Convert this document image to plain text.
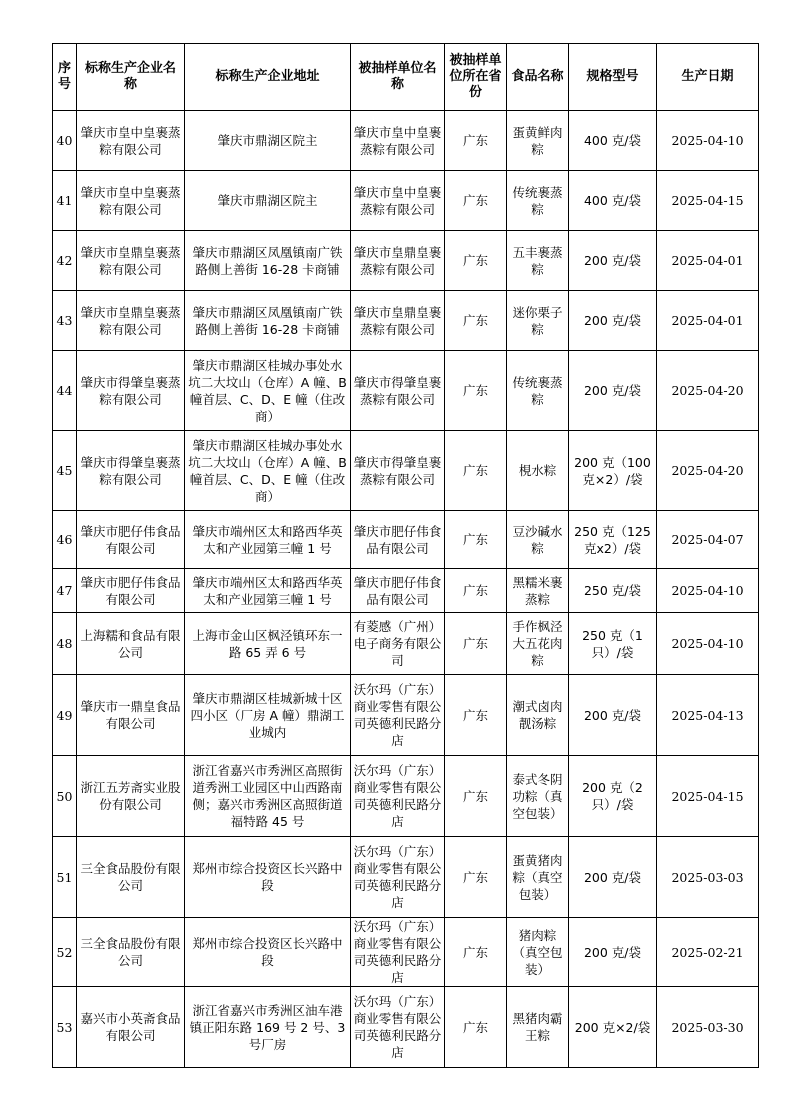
序号	标称生产企业名称	标称生产企业地址	被抽样单位名称	被抽样单位所在省份	食品名称	规格型号	生产日期
40	肇庆市皇中皇裹蒸粽有限公司	肇庆市鼎湖区院主	肇庆市皇中皇裹蒸粽有限公司	广东	蛋黄鲜肉粽	400 克/袋	2025-04-10
41	肇庆市皇中皇裹蒸粽有限公司	肇庆市鼎湖区院主	肇庆市皇中皇裹蒸粽有限公司	广东	传统裹蒸粽	400 克/袋	2025-04-15
42	肇庆市皇鼎皇裹蒸粽有限公司	肇庆市鼎湖区凤凰镇南广铁路侧上善街 16-28 卡商铺	肇庆市皇鼎皇裹蒸粽有限公司	广东	五丰裹蒸粽	200 克/袋	2025-04-01
43	肇庆市皇鼎皇裹蒸粽有限公司	肇庆市鼎湖区凤凰镇南广铁路侧上善街 16-28 卡商铺	肇庆市皇鼎皇裹蒸粽有限公司	广东	迷你栗子粽	200 克/袋	2025-04-01
44	肇庆市得肇皇裹蒸粽有限公司	肇庆市鼎湖区桂城办事处水坑二大坟山（仓库）A 幢、B 幢首层、C、D、E 幢（住改商）	肇庆市得肇皇裹蒸粽有限公司	广东	传统裹蒸粽	200 克/袋	2025-04-20
45	肇庆市得肇皇裹蒸粽有限公司	肇庆市鼎湖区桂城办事处水坑二大坟山（仓库）A 幢、B 幢首层、C、D、E 幢（住改商）	肇庆市得肇皇裹蒸粽有限公司	广东	梘水粽	200 克（100 克×2）/袋	2025-04-20
46	肇庆市肥仔伟食品有限公司	肇庆市端州区太和路西华英太和产业园第三幢 1 号	肇庆市肥仔伟食品有限公司	广东	豆沙碱水粽	250 克（125 克x2）/袋	2025-04-07
47	肇庆市肥仔伟食品有限公司	肇庆市端州区太和路西华英太和产业园第三幢 1 号	肇庆市肥仔伟食品有限公司	广东	黑糯米裹蒸粽	250 克/袋	2025-04-10
48	上海糯和食品有限公司	上海市金山区枫泾镇环东一路 65 弄 6 号	有菱感（广州）电子商务有限公司	广东	手作枫泾大五花肉粽	250 克（1 只）/袋	2025-04-10
49	肇庆市一鼎皇食品有限公司	肇庆市鼎湖区桂城新城十区四小区（厂房 A 幢）鼎湖工业城内	沃尔玛（广东）商业零售有限公司英德利民路分店	广东	潮式卤肉靓汤粽	200 克/袋	2025-04-13
50	浙江五芳斋实业股份有限公司	浙江省嘉兴市秀洲区高照街道秀洲工业园区中山西路南侧；嘉兴市秀洲区高照街道福特路 45 号	沃尔玛（广东）商业零售有限公司英德利民路分店	广东	泰式冬阴功粽（真空包装）	200 克（2 只）/袋	2025-04-15
51	三全食品股份有限公司	郑州市综合投资区长兴路中段	沃尔玛（广东）商业零售有限公司英德利民路分店	广东	蛋黄猪肉粽（真空包装）	200 克/袋	2025-03-03
52	三全食品股份有限公司	郑州市综合投资区长兴路中段	沃尔玛（广东）商业零售有限公司英德利民路分店	广东	猪肉粽（真空包装）	200 克/袋	2025-02-21
53	嘉兴市小英斋食品有限公司	浙江省嘉兴市秀洲区油车港镇正阳东路 169 号 2 号、3 号厂房	沃尔玛（广东）商业零售有限公司英德利民路分店	广东	黑猪肉霸王粽	200 克×2/袋	2025-03-30
